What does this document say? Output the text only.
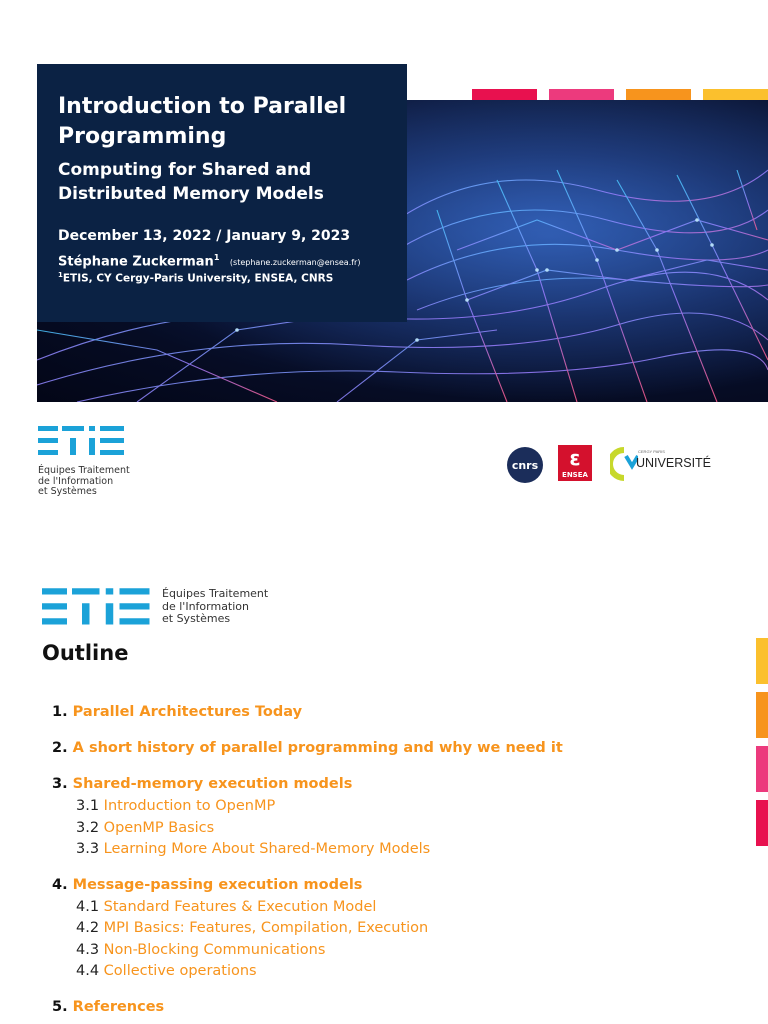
Introduction to Parallel Programming
Computing for Shared and Distributed Memory Models
December 13, 2022 / January 9, 2023
Stéphane Zuckerman$^1$ (stephane.zuckerman@ensea.fr)
$^1$ETIS, CY Cergy-Paris University, ENSEA, CNRS
Équipes Traitement
de l'Information
et Systèmes
cnrs	ε
ENSEA
CERGY PARIS
UNIVERSITÉ
Équipes Traitement
de l'Information
et Systèmes
Outline
1. Parallel Architectures Today
2. A short history of parallel programming and why we need it
3. Shared-memory execution models
3.1 Introduction to OpenMP
3.2 OpenMP Basics
3.3 Learning More About Shared-Memory Models
4. Message-passing execution models
4.1 Standard Features & Execution Model
4.2 MPI Basics: Features, Compilation, Execution
4.3 Non-Blocking Communications
4.4 Collective operations
5. References
